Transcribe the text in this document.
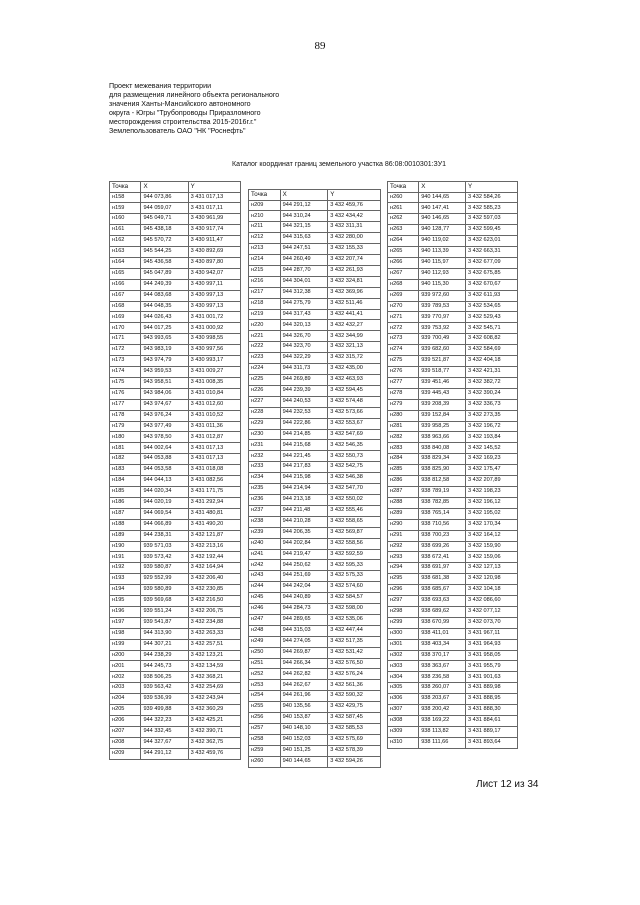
89
Проект межевания территории
для размещения линейного объекта регионального
значения Ханты-Мансийского автономного
округа - Югры "Трубопроводы Приразломного
месторождения строительства 2015-2016г.г."
Землепользователь ОАО "НК "Роснефть"
Каталог координат границ земельного участка 86:08:0010301:ЗУ1
Точка	X	Y
н158	944 073,86	3 431 017,13
н159	944 059,07	3 431 017,11
н160	945 049,71	3 430 961,99
н161	945 438,18	3 430 917,74
н162	945 570,72	3 430 911,47
н163	945 544,25	3 430 892,69
н164	945 436,58	3 430 897,80
н165	945 047,89	3 430 942,07
н166	944 249,39	3 430 997,11
н167	944 083,68	3 430 997,13
н168	944 048,35	3 430 997,13
н169	944 026,43	3 431 001,72
н170	944 017,25	3 431 000,92
н171	943 993,65	3 430 998,55
н172	943 983,19	3 430 997,56
н173	943 974,79	3 430 993,17
н174	943 959,53	3 431 009,27
н175	943 958,51	3 431 008,35
н176	943 984,06	3 431 010,84
н177	943 974,67	3 431 012,60
н178	943 976,24	3 431 010,52
н179	943 977,49	3 431 011,36
н180	943 978,50	3 431 012,87
н181	944 002,64	3 431 017,13
н182	944 053,88	3 431 017,13
н183	944 053,58	3 431 018,08
н184	944 044,13	3 431 082,56
н185	944 020,34	3 431 171,75
н186	944 020,19	3 431 292,94
н187	944 069,54	3 431 480,81
н188	944 066,89	3 431 490,20
н189	944 238,31	3 432 121,87
н190	939 571,03	3 432 213,16
н191	939 573,42	3 432 192,44
н192	939 580,87	3 432 164,94
н193	929 552,99	3 432 206,40
н194	939 580,89	3 432 230,85
н195	939 569,68	3 432 216,50
н196	939 551,24	3 432 206,75
н197	939 541,87	3 432 234,88
н198	944 313,90	3 432 263,33
н199	944 307,21	3 432 257,51
н200	944 238,29	3 432 123,21
н201	944 245,73	3 432 134,59
н202	938 506,25	3 432 368,21
н203	939 563,42	3 432 254,69
н204	939 536,99	3 432 243,94
н205	939 499,88	3 432 360,29
н206	944 322,23	3 432 425,21
н207	944 332,45	3 432 390,71
н208	944 327,67	3 432 362,75
н209	944 291,12	3 432 459,76
Точка	X	Y
н209	944 291,12	3 432 459,76
н210	944 310,24	3 432 434,42
н211	944 321,15	3 432 311,31
н212	944 315,63	3 432 280,00
н213	944 247,51	3 432 155,33
н214	944 260,49	3 432 207,74
н215	944 287,70	3 432 261,93
н216	944 304,01	3 432 324,81
н217	944 312,38	3 432 369,96
н218	944 275,79	3 432 511,46
н219	944 317,43	3 432 441,41
н220	944 320,13	3 432 432,27
н221	944 326,70	3 432 344,99
н222	944 323,70	3 432 321,13
н223	944 322,29	3 432 315,72
н224	944 311,73	3 432 435,00
н225	944 269,89	3 432 463,93
н226	944 239,39	3 432 594,45
н227	944 240,53	3 432 574,48
н228	944 232,53	3 432 573,66
н229	944 222,86	3 432 553,67
н230	944 214,85	3 432 547,69
н231	944 215,68	3 432 546,35
н232	944 221,45	3 432 550,73
н233	944 217,83	3 432 542,75
н234	944 215,98	3 432 546,38
н235	944 214,94	3 432 547,70
н236	944 213,18	3 432 550,02
н237	944 211,48	3 432 555,46
н238	944 210,28	3 432 558,65
н239	944 206,35	3 432 569,87
н240	944 202,84	3 432 558,56
н241	944 219,47	3 432 592,59
н242	944 250,62	3 432 595,33
н243	944 251,69	3 432 575,33
н244	944 242,04	3 432 574,60
н245	944 240,89	3 432 584,57
н246	944 284,73	3 432 598,00
н247	944 289,65	3 432 535,06
н248	944 315,03	3 432 447,44
н249	944 274,05	3 432 517,35
н250	944 269,87	3 432 531,42
н251	944 266,34	3 432 576,50
н252	944 262,82	3 432 576,24
н253	944 262,67	3 432 561,36
н254	944 261,96	3 432 590,32
н255	940 135,56	3 432 429,75
н256	940 153,87	3 432 587,45
н257	940 148,10	3 432 585,53
н258	940 152,03	3 432 575,69
н259	940 151,25	3 432 578,39
н260	940 144,65	3 432 594,26
Точка	X	Y
н260	940 144,65	3 432 584,26
н261	940 147,41	3 432 585,23
н262	940 146,65	3 432 597,03
н263	940 128,77	3 432 599,45
н264	940 119,02	3 432 623,01
н265	940 113,39	3 432 663,31
н266	940 115,97	3 432 677,09
н267	940 112,93	3 432 675,85
н268	940 115,30	3 432 670,67
н269	939 972,60	3 432 611,93
н270	939 789,53	3 432 534,65
н271	939 770,97	3 432 529,43
н272	939 753,92	3 432 545,71
н273	939 700,49	3 432 608,82
н274	939 682,60	3 432 584,69
н275	939 521,87	3 432 404,18
н276	939 518,77	3 432 421,31
н277	939 451,46	3 432 382,72
н278	939 445,43	3 432 390,24
н279	939 208,39	3 432 336,73
н280	939 152,84	3 432 273,35
н281	939 958,25	3 432 196,72
н282	938 963,66	3 432 193,84
н283	938 840,08	3 432 145,52
н284	938 829,34	3 432 169,23
н285	938 825,90	3 432 175,47
н286	938 812,58	3 432 207,89
н287	938 789,19	3 432 198,23
н288	938 782,85	3 432 196,12
н289	938 765,14	3 432 195,02
н290	938 710,56	3 432 170,34
н291	938 700,23	3 432 164,12
н292	938 699,26	3 432 159,90
н293	938 672,41	3 432 159,06
н294	938 691,97	3 432 127,13
н295	938 681,38	3 432 120,98
н296	938 685,67	3 432 104,18
н297	938 693,63	3 432 086,60
н298	938 689,62	3 432 077,12
н299	938 670,99	3 432 073,70
н300	938 411,01	3 431 967,11
н301	938 403,34	3 431 964,93
н302	938 370,17	3 431 958,05
н303	938 363,67	3 431 955,79
н304	938 236,58	3 431 901,63
н305	938 260,07	3 431 889,98
н306	938 203,67	3 431 888,95
н307	938 200,42	3 431 888,30
н308	938 169,22	3 431 884,61
н309	938 113,82	3 431 889,17
н310	938 111,66	3 431 893,64
Лист 12 из 34
